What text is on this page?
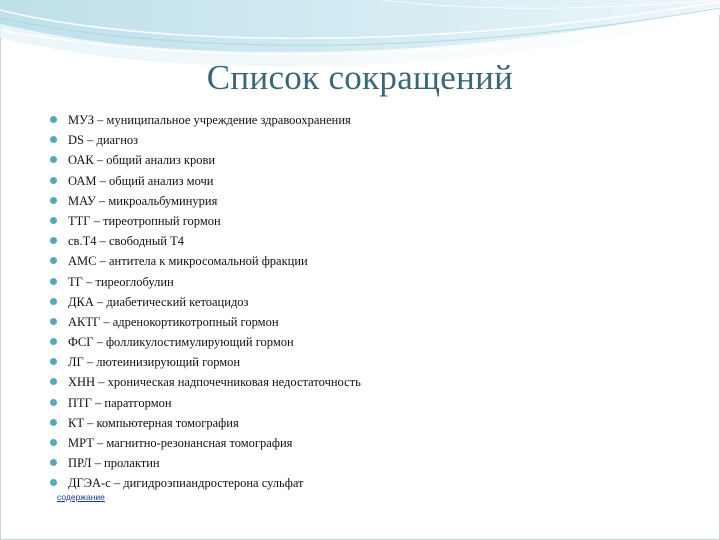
Список сокращений
МУЗ – муниципальное учреждение здравоохранения
DS – диагноз
ОАК – общий анализ крови
ОАМ – общий анализ мочи
МАУ – микроальбуминурия
ТТГ – тиреотропный гормон
св.Т4 – свободный Т4
АМС – антитела к микросомальной фракции
ТГ – тиреоглобулин
ДКА – диабетический кетоацидоз
АКТГ – адренокортикотропный гормон
ФСГ – фолликулостимулирующий гормон
ЛГ – лютеинизирующий гормон
ХНН – хроническая надпочечниковая недостаточность
ПТГ – паратгормон
КТ – компьютерная томография
МРТ – магнитно-резонансная томография
ПРЛ – пролактин
ДГЭА-с – дигидроэпиандростерона сульфат
содержание
